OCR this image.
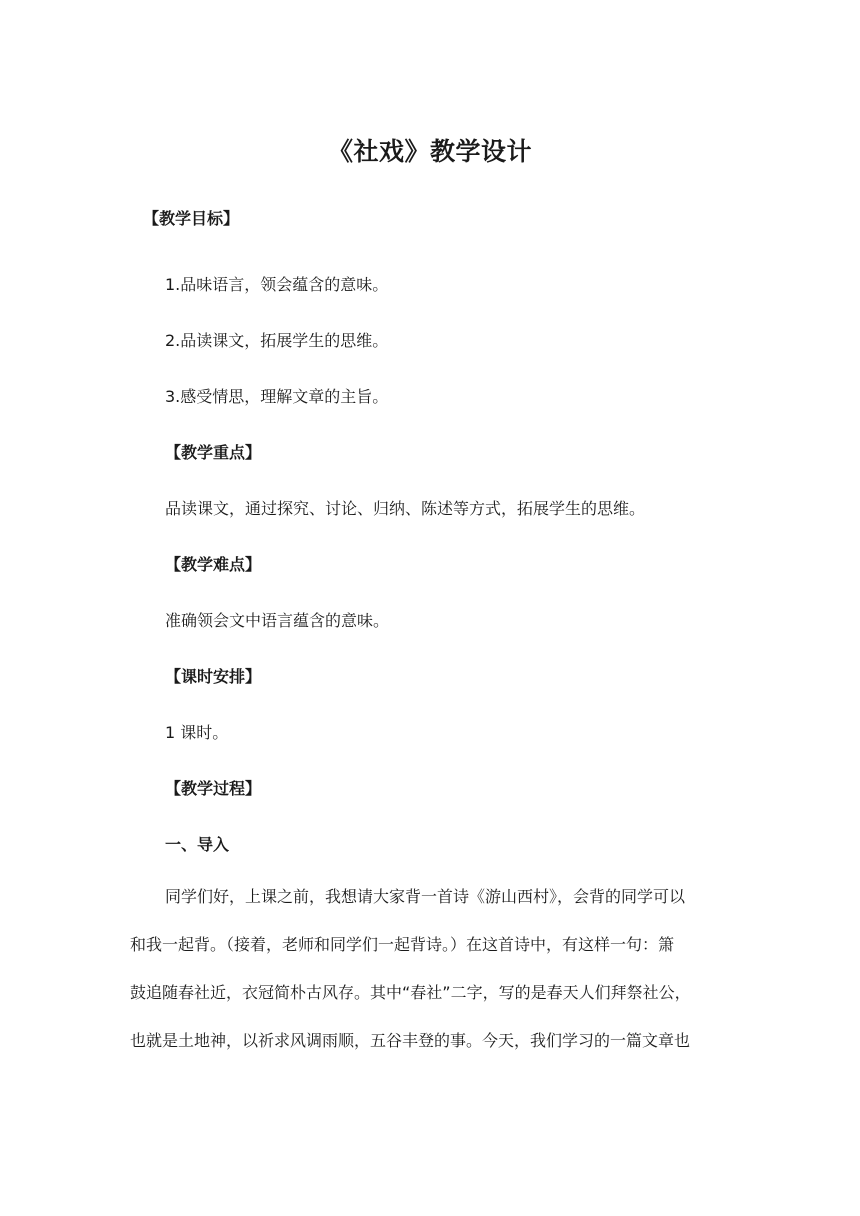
《社戏》教学设计
【教学目标】
1.品味语言，领会蕴含的意味。
2.品读课文，拓展学生的思维。
3.感受情思，理解文章的主旨。
【教学重点】
品读课文，通过探究、讨论、归纳、陈述等方式，拓展学生的思维。
【教学难点】
准确领会文中语言蕴含的意味。
【课时安排】
1 课时。
【教学过程】
一、导入
同学们好，上课之前，我想请大家背一首诗《游山西村》，会背的同学可以
和我一起背。（接着，老师和同学们一起背诗。）在这首诗中，有这样一句：箫
鼓追随春社近，衣冠简朴古风存。其中“春社”二字，写的是春天人们拜祭社公，
也就是土地神，以祈求风调雨顺，五谷丰登的事。今天，我们学习的一篇文章也
